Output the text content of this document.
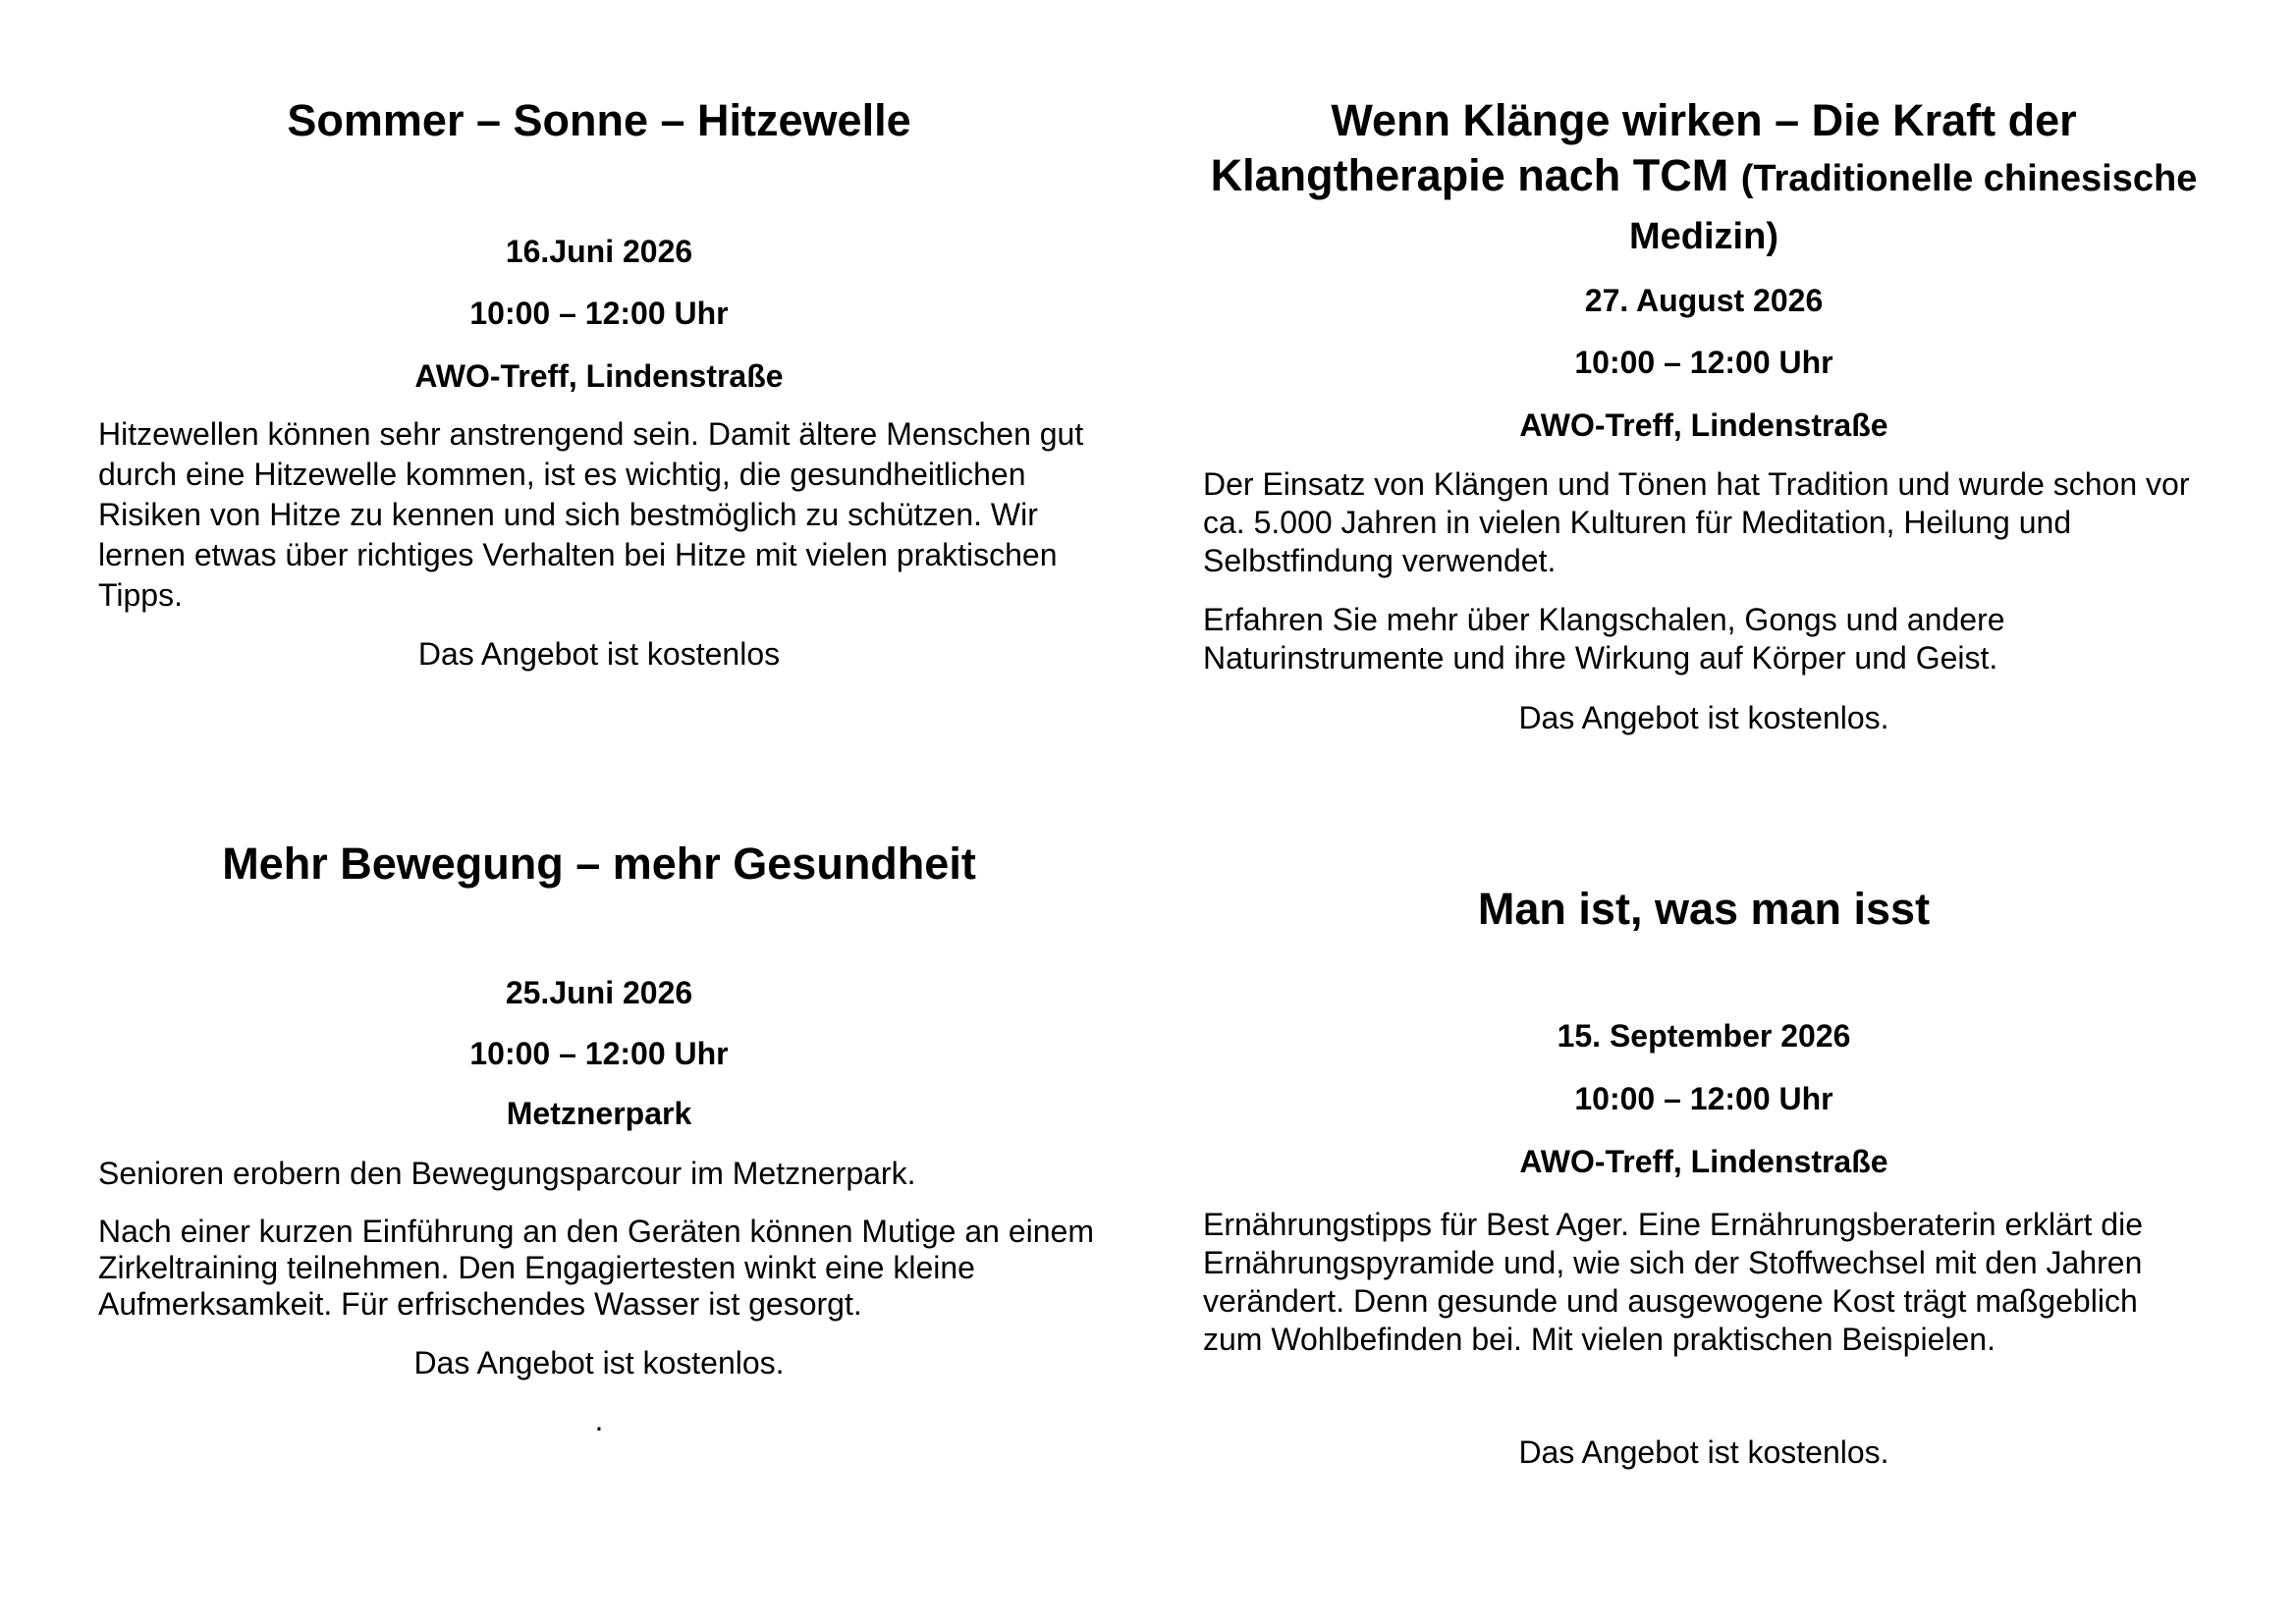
Sommer – Sonne – Hitzewelle

16.Juni 2026

10:00 – 12:00 Uhr

AWO-Treff, Lindenstraße

Hitzewellen können sehr anstrengend sein. Damit ältere Menschen gut durch eine Hitzewelle kommen, ist es wichtig, die gesundheitlichen Risiken von Hitze zu kennen und sich bestmöglich zu schützen. Wir lernen etwas über richtiges Verhalten bei Hitze mit vielen praktischen Tipps.

Das Angebot ist kostenlos

Wenn Klänge wirken – Die Kraft der Klangtherapie nach TCM (Traditionelle chinesische Medizin)

27. August 2026

10:00 – 12:00 Uhr

AWO-Treff, Lindenstraße

Der Einsatz von Klängen und Tönen hat Tradition und wurde schon vor ca. 5.000 Jahren in vielen Kulturen für Meditation, Heilung und Selbstfindung verwendet.

Erfahren Sie mehr über Klangschalen, Gongs und andere Naturinstrumente und ihre Wirkung auf Körper und Geist.

Das Angebot ist kostenlos.

Mehr Bewegung – mehr Gesundheit

25.Juni 2026

10:00 – 12:00 Uhr

Metznerpark

Senioren erobern den Bewegungsparcour im Metznerpark.

Nach einer kurzen Einführung an den Geräten können Mutige an einem Zirkeltraining teilnehmen. Den Engagiertesten winkt eine kleine Aufmerksamkeit. Für erfrischendes Wasser ist gesorgt.

Das Angebot ist kostenlos.

.

Man ist, was man isst

15. September 2026

10:00 – 12:00 Uhr

AWO-Treff, Lindenstraße

Ernährungstipps für Best Ager. Eine Ernährungsberaterin erklärt die Ernährungspyramide und, wie sich der Stoffwechsel mit den Jahren verändert. Denn gesunde und ausgewogene Kost trägt maßgeblich zum Wohlbefinden bei. Mit vielen praktischen Beispielen.

Das Angebot ist kostenlos.
